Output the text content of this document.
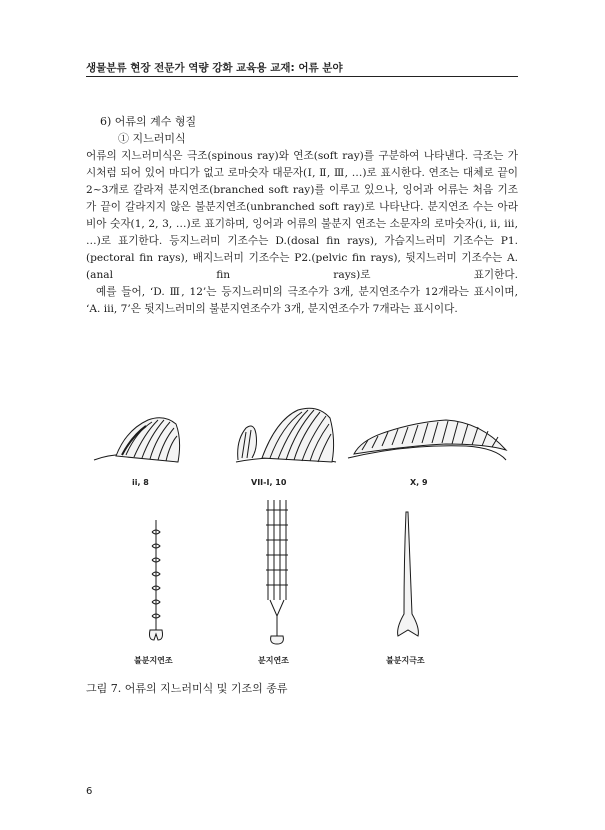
생물분류 현장 전문가 역량 강화 교육용 교재: 어류 분야
6) 어류의 계수 형질
① 지느러미식

어류의 지느러미식은 극조(spinous ray)와 연조(soft ray)를 구분하여 나타낸다. 극조는 가시처럼 되어 있어 마디가 없고 로마숫자 대문자(Ⅰ, Ⅱ, Ⅲ, …)로 표시한다. 연조는 대체로 끝이 2~3개로 갈라져 분지연조(branched soft ray)를 이루고 있으나, 잉어과 어류는 처음 기조가 끝이 갈라지지 않은 불분지연조(unbranched soft ray)로 나타난다. 분지연조 수는 아라비아 숫자(1, 2, 3, …)로 표기하며, 잉어과 어류의 불분지 연조는 소문자의 로마숫자(ⅰ, ⅱ, ⅲ, …)로 표기한다. 등지느러미 기조수는 D.(dosal fin rays), 가슴지느러미 기조수는 P1.(pectoral fin rays), 배지느러미 기조수는 P2.(pelvic fin rays), 뒷지느러미 기조수는 A.(anal fin rays)로 표기한다.

예를 들어, ‘D. Ⅲ, 12’는 등지느러미의 극조수가 3개, 분지연조수가 12개라는 표시이며, ‘A. ⅲ, 7’은 뒷지느러미의 불분지연조수가 3개, 분지연조수가 7개라는 표시이다.

ii, 8	VII-I, 10	X, 9
불분지연조	분지연조	불분지극조
그림 7. 어류의 지느러미식 및 기조의 종류
6
